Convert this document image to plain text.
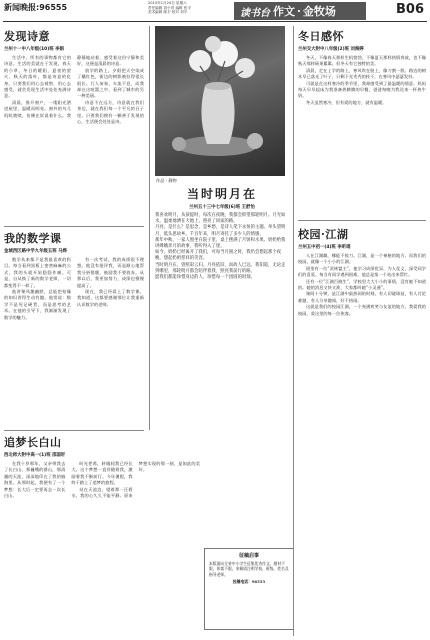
新闻晚报:96555	2015年1月24日 星期六
责任编辑 刘小青 编辑 张平
美术编辑 陈平 校对 刘平	读书台 作文 · 金牧场	B06
发现诗意
兰州十一中八年级(10)班 李娟

生活中，所有的事物都有它的诗意。生活的美就在于发现。春天的小草，冬日的暖阳，夏夜的萤火，秋天的落叶，都是诗意的化身。只要我们用心去观察，用心去感受，就会发现生活中处处充满诗意。

清晨，推开窗户，一缕阳光洒进屋里，温暖而明亮。窗外的鸟儿叽叽喳喳，仿佛在诉说着什么。我静静地站着，感受着这份宁静和美好，这便是清晨的诗意。

放学的路上，夕阳把天空染成了橘红色，街边的树影被拉得很长很长。行人匆匆，车流不息，而我却在这喧嚣之中，看到了城市的另一种美丽。

诗意不在远方，诗意就在我们身边，就在我们每一个平凡的日子里。只要我们拥有一颗善于发现的心，生活便会处处是诗。

我的数学课
金城西区路中学九年级五班 马烨

数学从来都不是我最喜欢的科目。每当看到黑板上密密麻麻的公式，我的头就开始隐隐作痛。可是，自从换了新的数学老师，一切都变得不一样了。

他讲课风趣幽默，总能把枯燥的知识讲得生动有趣。他常说：数学不是死记硬背，而是思考的艺术。在他的引导下，我渐渐发现了数学的魅力。

有一次考试，我的成绩很不理想。他没有批评我，而是耐心地帮我分析错题，鼓励我不要放弃。从那以后，我更加努力，成绩也慢慢提高了。

现在，我已经爱上了数学课。我知道，这都要感谢那位让我重新认识数学的老师。

追梦长白山
西北师大附中高一(1)班 邵国轩

在我十岁那年，父亲带我去了长白山。那巍峨的群山，那清澈的天池，深深地印在了我的脑海里。从那时起，我便有了一个梦想：长大后一定要再去一次长白山。

时光荏苒，转眼间我已经长大。这个梦想一直伴随着我，激励着我不断前行。今年暑假，我终于踏上了追梦的旅程。

站在天池边，望着那一汪碧水，我的心久久不能平静。原来梦想实现的那一刻，是如此的美好。

作品 · 静物
当时明月在
兰州五十三中七年级(6)班 王舒怡

我喜欢明月，从孩提时，每次在夜晚，我都会仰望那轮明月。月光如水，温柔地洒在大地上，照亮了回家的路。

月亮，是什么？是思念，是乡愁，是诗人笔下永恒的主题。举头望明月，低头思故乡。千百年来，明月寄托了多少人的情感。

那年中秋，一家人围坐在院子里，桌上摆满了月饼和水果。奶奶给我讲嫦娥奔月的故事，我听得入了迷。

如今，奶奶已经离开了我们，可每当月圆之时，我仍会想起那个夜晚，想起奶奶慈祥的笑容。

当时明月在，曾照彩云归。月亮依旧，而故人已远。我知道，无论走到哪里，那轮明月都会陪伴着我，照亮我前行的路。

愿我们都能珍惜身边的人，珍惜每一个团圆的时刻。

征稿启事

本版面向全省中小学生征集优秀作文，题材不限，体裁不限。来稿请注明学校、班级、姓名及指导老师。

投稿电话：96555

冬日感怀
兰州交大附中八年级(2)班 刘海婷

冬天，不像春天那样生机勃勃，不像夏天那样热情奔放，也不像秋天那样硕果累累。但冬天有它独特的美。

清晨，走在上学的路上，寒风吹在脸上，像刀割一般。路边的树木早已落光了叶子，只剩下光秃秃的枝干，在寒风中瑟瑟发抖。

可就是在这样寒冷的季节里，我却感受到了最温暖的情意。妈妈每天早早起床为我准备热腾腾的早餐，爸爸每晚为我送来一杯热牛奶。

冬天虽然寒冷，但有爱的地方，就有温暖。

校园·江湖
兰州五中初一(4)班 李昕瑶

人在江湖飘，哪能不挨刀。江湖，是一个神秘的地方。而我们的校园，就像一个小小的江湖。

班里有一位“武林盟主”，他学习成绩优异，为人仗义，深受同学们的喜爱。每当有同学遇到困难，他总是第一个站出来帮忙。

还有一位“江湖百晓生”，学校里大大小小的事情，没有她不知道的。她的消息又快又准，大家都叫她“小灵通”。

课间十分钟，是江湖中最热闹的时刻。有人切磋球技，有人讨论难题，有人分享趣闻，好不热闹。

这就是我们的校园江湖，一个充满欢笑与友谊的地方。我爱我的校园，爱这里的每一位侠客。
